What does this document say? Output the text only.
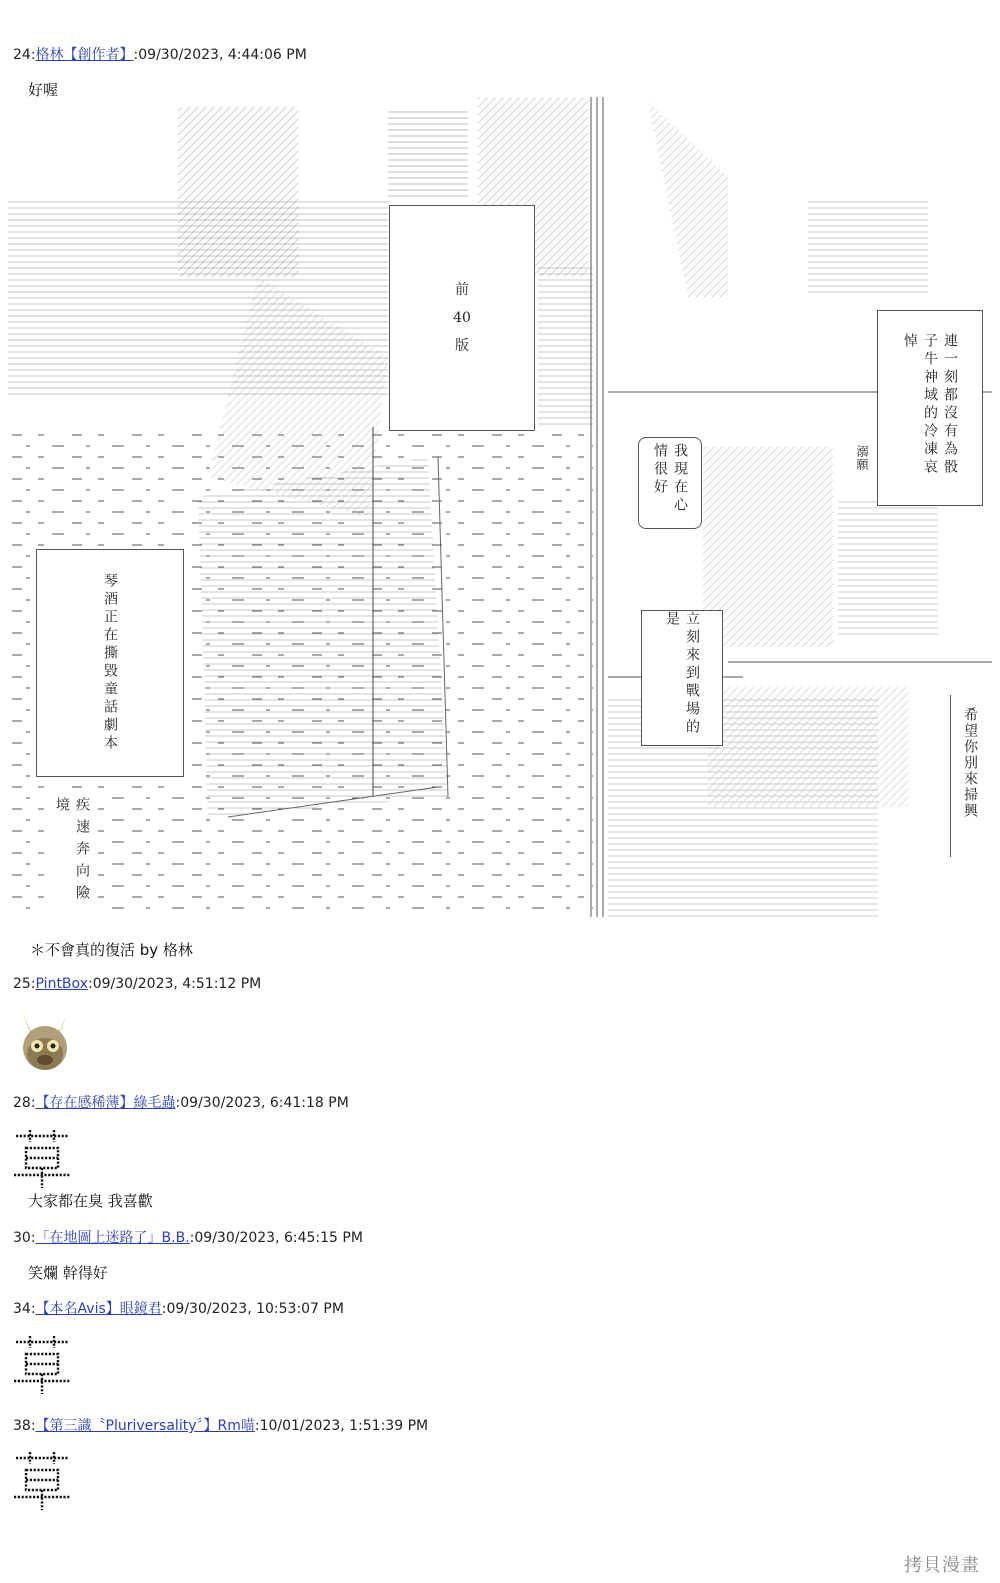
24:格林【創作者】:09/30/2023, 4:44:06 PM
好喔
前40版
琴酒正在撕毀童話劇本
疾速奔向險境
我現在心情很好	連一刻都沒有為骰子牛神域的冷凍哀悼
溺願
立刻來到戰場的是
希望你別來掃興
＊不會真的復活 by 格林
25:PintBox:09/30/2023, 4:51:12 PM
28:【存在感稀薄】綠毛蟲:09/30/2023, 6:41:18 PM
大家都在臭 我喜歡
30:「在地圖上迷路了」B.B.:09/30/2023, 6:45:15 PM
笑爛 幹得好
34:【本名Avis】眼鏡君:09/30/2023, 10:53:07 PM
38:【第三識〝Pluriversality〞】Rm喵:10/01/2023, 1:51:39 PM
拷貝漫畫
